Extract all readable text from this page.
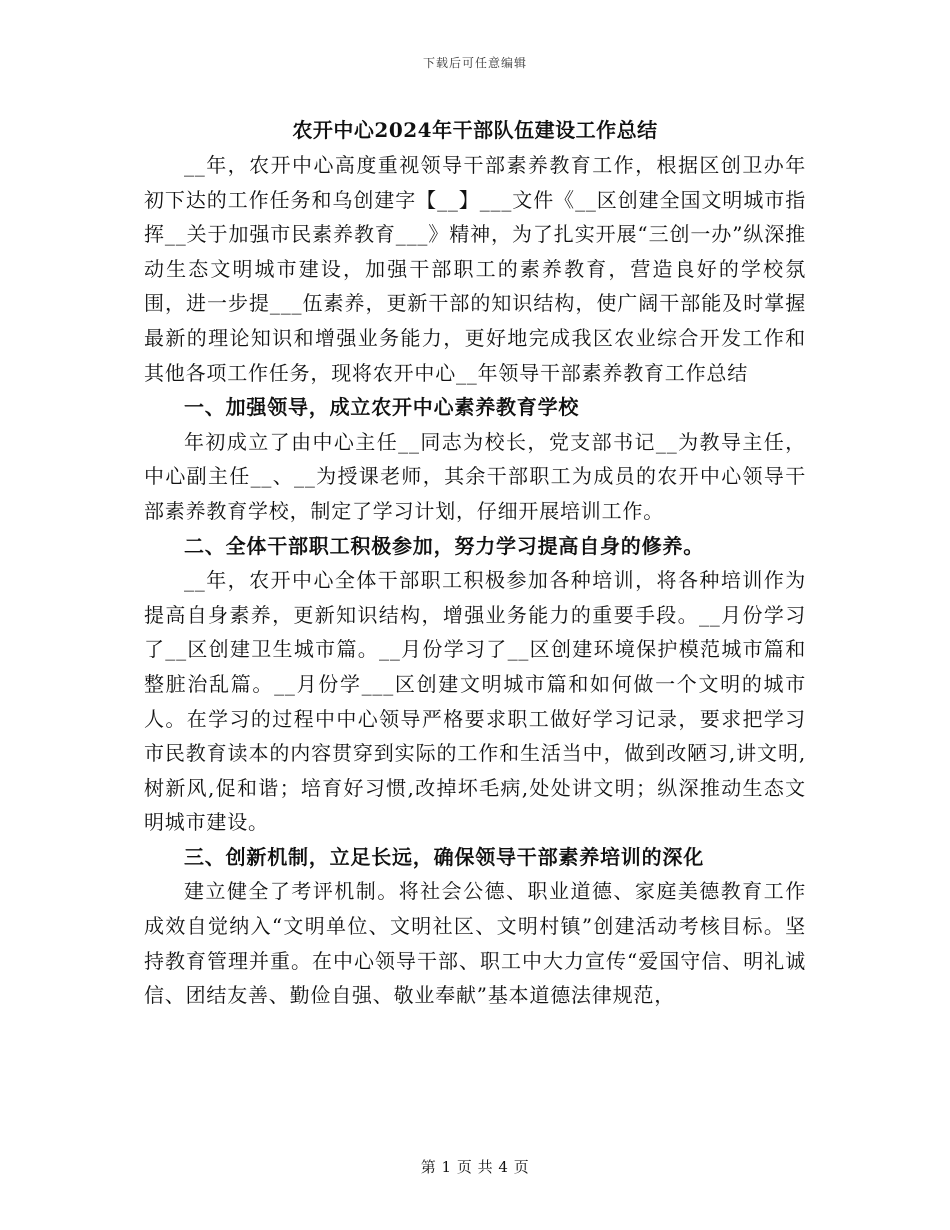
下载后可任意编辑
农开中心2024年干部队伍建设工作总结

__年，农开中心高度重视领导干部素养教育工作，根据区创卫办年初下达的工作任务和乌创建字【__】___文件《__区创建全国文明城市指挥__关于加强市民素养教育___》精神，为了扎实开展“三创一办”纵深推动生态文明城市建设，加强干部职工的素养教育，营造良好的学校氛围，进一步提___伍素养，更新干部的知识结构，使广阔干部能及时掌握最新的理论知识和增强业务能力，更好地完成我区农业综合开发工作和其他各项工作任务，现将农开中心__年领导干部素养教育工作总结

一、加强领导，成立农开中心素养教育学校

年初成立了由中心主任__同志为校长，党支部书记__为教导主任，中心副主任__、__为授课老师，其余干部职工为成员的农开中心领导干部素养教育学校，制定了学习计划，仔细开展培训工作。

二、全体干部职工积极参加，努力学习提高自身的修养。

__年，农开中心全体干部职工积极参加各种培训，将各种培训作为提高自身素养，更新知识结构，增强业务能力的重要手段。__月份学习了__区创建卫生城市篇。__月份学习了__区创建环境保护模范城市篇和整脏治乱篇。__月份学___区创建文明城市篇和如何做一个文明的城市人。在学习的过程中中心领导严格要求职工做好学习记录，要求把学习市民教育读本的内容贯穿到实际的工作和生活当中，做到改陋习,讲文明,树新风,促和谐；培育好习惯,改掉坏毛病,处处讲文明；纵深推动生态文明城市建设。

三、创新机制，立足长远，确保领导干部素养培训的深化

建立健全了考评机制。将社会公德、职业道德、家庭美德教育工作成效自觉纳入“文明单位、文明社区、文明村镇”创建活动考核目标。坚持教育管理并重。在中心领导干部、职工中大力宣传“爱国守信、明礼诚信、团结友善、勤俭自强、敬业奉献”基本道德法律规范，

第 1 页 共 4 页
